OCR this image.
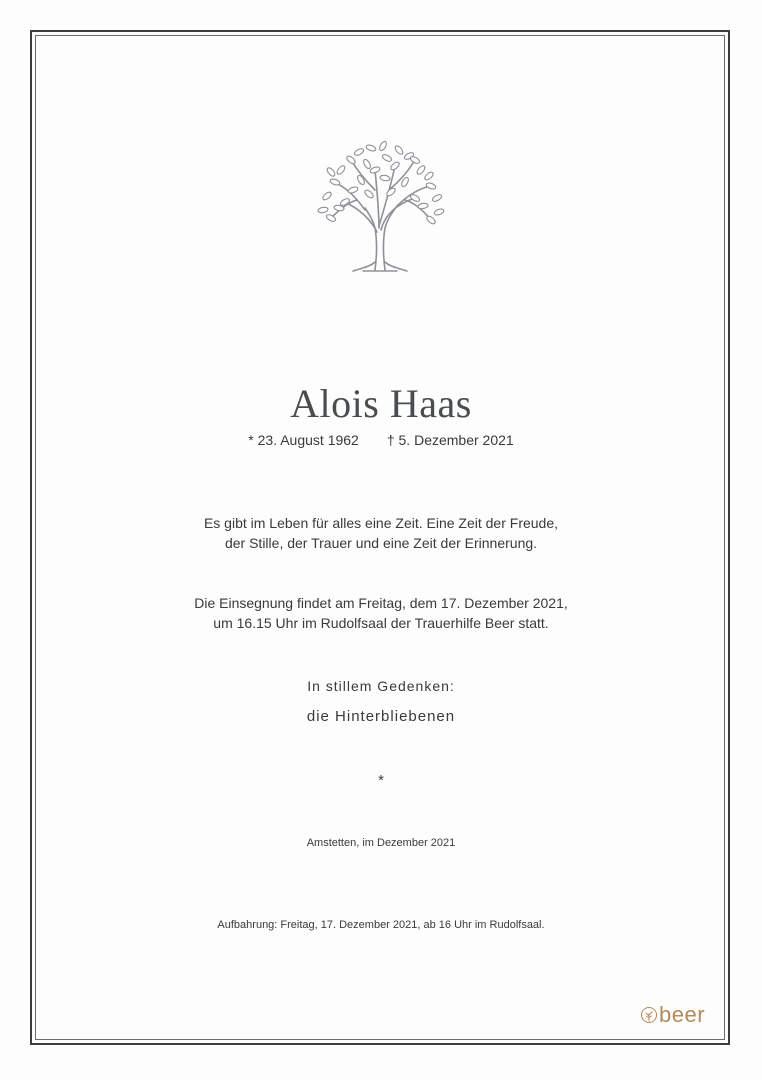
Alois Haas
* 23. August 1962 † 5. Dezember 2021
Es gibt im Leben für alles eine Zeit. Eine Zeit der Freude,
der Stille, der Trauer und eine Zeit der Erinnerung.
Die Einsegnung findet am Freitag, dem 17. Dezember 2021,
um 16.15 Uhr im Rudolfsaal der Trauerhilfe Beer statt.
In stillem Gedenken:
die Hinterbliebenen
*
Amstetten, im Dezember 2021
Aufbahrung: Freitag, 17. Dezember 2021, ab 16 Uhr im Rudolfsaal.
beer
